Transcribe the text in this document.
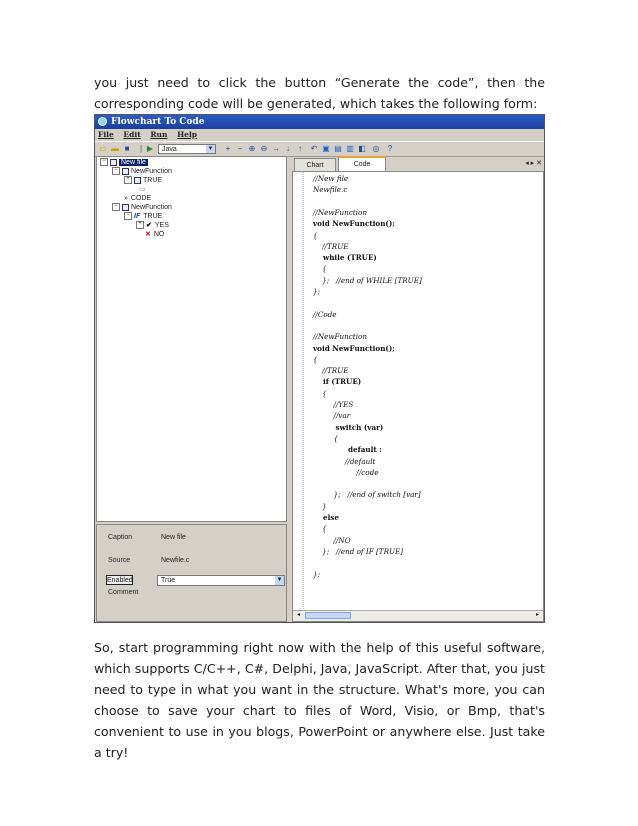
you just need to click the button “Generate the code”, then the corresponding code will be generated, which takes the following form:

Flowchart To Code
File Edit Run Help
▭ ▬ ■	| ▶	Java	▼	+ − ⊕ ⊖ → ↓	↑	↶ ▣ ▤ ▥ ◧ ◎	?
− New file
− NewFunction
+ TRUE
▭
» CODE
− NewFunction
− IF TRUE
+ ✔ YES
✕ NO
Caption	New file
Source	Newfile.c
Enabled	True	▼
Comment
Chart	Code	◂ ▸ ✕
//New file
Newfile.c
//NewFunction
void NewFunction();
{
//TRUE
while (TRUE)
{
};   //end of WHILE [TRUE]
};
//Code
//NewFunction
void NewFunction();
{
//TRUE
if (TRUE)
{
//YES
//var
switch (var)
{
default :
//default
//code
};   //end of switch [var]
}
else
{
//NO
};   //end of IF [TRUE]
};
◂	▸

So, start programming right now with the help of this useful software, which supports C/C++, C#, Delphi, Java, JavaScript. After that, you just need to type in what you want in the structure. What's more, you can choose to save your chart to files of Word, Visio, or Bmp, that's convenient to use in you blogs, PowerPoint or anywhere else. Just take a try!
